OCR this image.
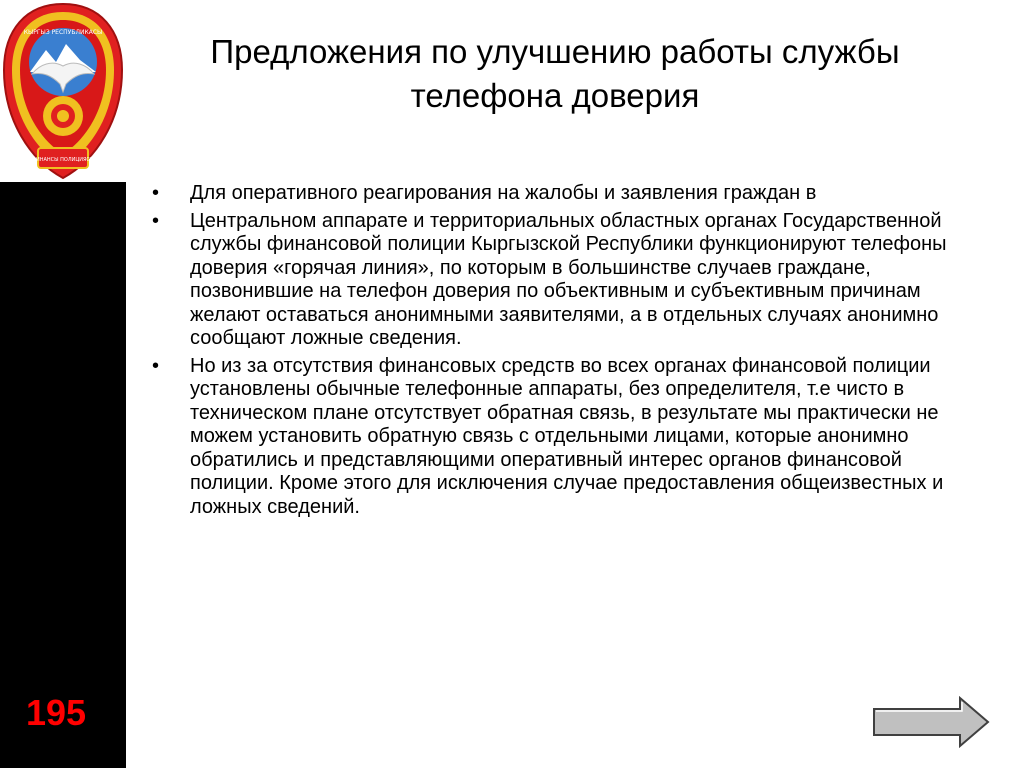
КЫРГЫЗ РЕСПУБЛИКАСЫ
ФИНАНСЫ ПОЛИЦИЯСЫ
195
Предложения по улучшению работы службы телефона доверия
•	Для оперативного реагирования на жалобы и заявления граждан в
•	Центральном аппарате и территориальных областных органах Государственной службы финансовой полиции Кыргызской Республики функционируют телефоны доверия «горячая линия», по которым в большинстве случаев граждане, позвонившие на телефон доверия по объективным и субъективным причинам желают оставаться анонимными заявителями, а в отдельных случаях анонимно сообщают ложные сведения.
•	Но из за отсутствия финансовых средств во всех органах финансовой полиции установлены обычные телефонные аппараты, без определителя, т.е чисто в техническом плане отсутствует обратная связь, в результате мы практически не можем установить обратную связь с отдельными лицами, которые анонимно обратились и представляющими оперативный интерес органов финансовой полиции. Кроме этого для исключения случае предоставления общеизвестных и ложных сведений.
